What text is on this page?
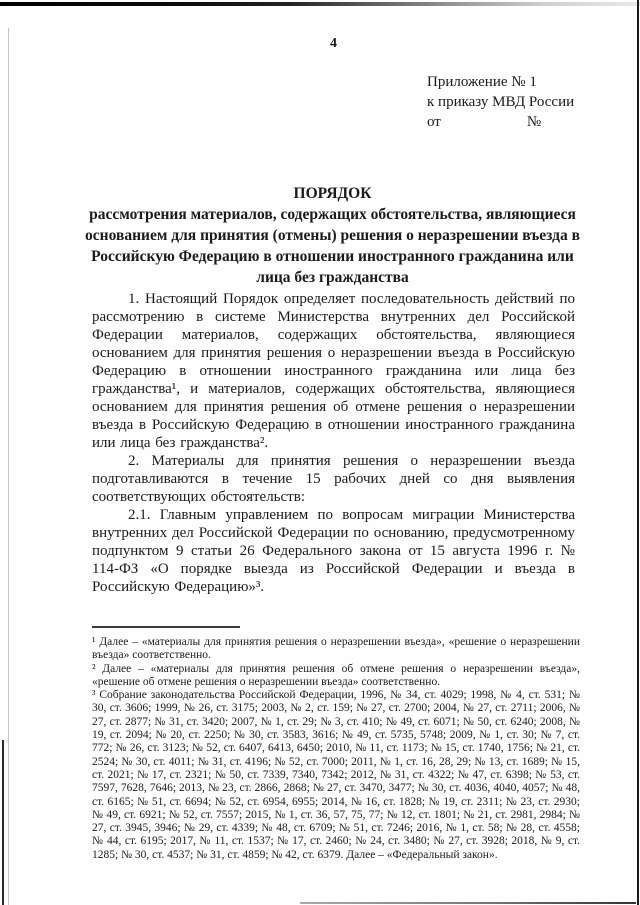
4
Приложение № 1
к приказу МВД России
от	№
ПОРЯДОК
рассмотрения материалов, содержащих обстоятельства, являющиеся основанием для принятия (отмены) решения о неразрешении въезда в Российскую Федерацию в отношении иностранного гражданина или лица без гражданства

1. Настоящий Порядок определяет последовательность действий по рассмотрению в системе Министерства внутренних дел Российской Федерации материалов, содержащих обстоятельства, являющиеся основанием для принятия решения о неразрешении въезда в Российскую Федерацию в отношении иностранного гражданина или лица без гражданства¹, и материалов, содержащих обстоятельства, являющиеся основанием для принятия решения об отмене решения о неразрешении въезда в Российскую Федерацию в отношении иностранного гражданина или лица без гражданства².

2. Материалы для принятия решения о неразрешении въезда подготавливаются в течение 15 рабочих дней со дня выявления соответствующих обстоятельств:

2.1. Главным управлением по вопросам миграции Министерства внутренних дел Российской Федерации по основанию, предусмотренному подпунктом 9 статьи 26 Федерального закона от 15 августа 1996 г. № 114-ФЗ «О порядке выезда из Российской Федерации и въезда в Российскую Федерацию»³.

¹ Далее – «материалы для принятия решения о неразрешении въезда», «решение о неразрешении въезда» соответственно.
² Далее – «материалы для принятия решения об отмене решения о неразрешении въезда», «решение об отмене решения о неразрешении въезда» соответственно.
³ Собрание законодательства Российской Федерации, 1996, № 34, ст. 4029; 1998, № 4, ст. 531; № 30, ст. 3606; 1999, № 26, ст. 3175; 2003, № 2, ст. 159; № 27, ст. 2700; 2004, № 27, ст. 2711; 2006, № 27, ст. 2877; № 31, ст. 3420; 2007, № 1, ст. 29; № 3, ст. 410; № 49, ст. 6071; № 50, ст. 6240; 2008, № 19, ст. 2094; № 20, ст. 2250; № 30, ст. 3583, 3616; № 49, ст. 5735, 5748; 2009, № 1, ст. 30; № 7, ст. 772; № 26, ст. 3123; № 52, ст. 6407, 6413, 6450; 2010, № 11, ст. 1173; № 15, ст. 1740, 1756; № 21, ст. 2524; № 30, ст. 4011; № 31, ст. 4196; № 52, ст. 7000; 2011, № 1, ст. 16, 28, 29; № 13, ст. 1689; № 15, ст. 2021; № 17, ст. 2321; № 50, ст. 7339, 7340, 7342; 2012, № 31, ст. 4322; № 47, ст. 6398; № 53, ст. 7597, 7628, 7646; 2013, № 23, ст. 2866, 2868; № 27, ст. 3470, 3477; № 30, ст. 4036, 4040, 4057; № 48, ст. 6165; № 51, ст. 6694; № 52, ст. 6954, 6955; 2014, № 16, ст. 1828; № 19, ст. 2311; № 23, ст. 2930; № 49, ст. 6921; № 52, ст. 7557; 2015, № 1, ст. 36, 57, 75, 77; № 12, ст. 1801; № 21, ст. 2981, 2984; № 27, ст. 3945, 3946; № 29, ст. 4339; № 48, ст. 6709; № 51, ст. 7246; 2016, № 1, ст. 58; № 28, ст. 4558; № 44, ст. 6195; 2017, № 11, ст. 1537; № 17, ст. 2460; № 24, ст. 3480; № 27, ст. 3928; 2018, № 9, ст. 1285; № 30, ст. 4537; № 31, ст. 4859; № 42, ст. 6379. Далее – «Федеральный закон».
